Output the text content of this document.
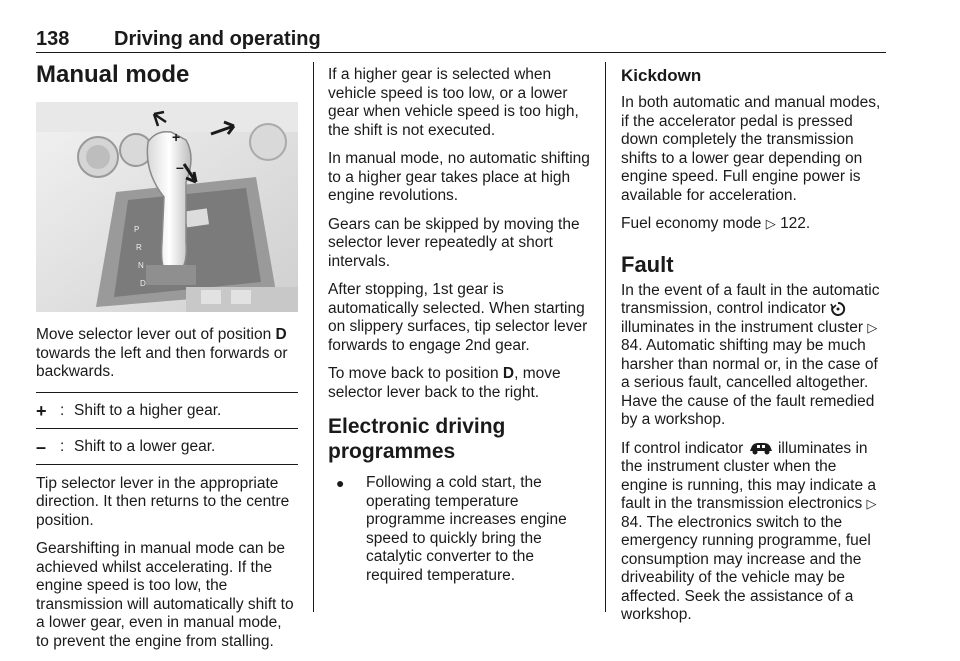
138 Driving and operating
Manual mode
P
R
N
D
+
–

Move selector lever out of position D towards the left and then forwards or backwards.

+ : Shift to a higher gear.
– : Shift to a lower gear.

Tip selector lever in the appropriate direction. It then returns to the centre position.

Gearshifting in manual mode can be achieved whilst accelerating. If the engine speed is too low, the transmission will automatically shift to a lower gear, even in manual mode, to prevent the engine from stalling.

If a higher gear is selected when vehicle speed is too low, or a lower gear when vehicle speed is too high, the shift is not executed.

In manual mode, no automatic shifting to a higher gear takes place at high engine revolutions.

Gears can be skipped by moving the selector lever repeatedly at short intervals.

After stopping, 1st gear is automatically selected. When starting on slippery surfaces, tip selector lever forwards to engage 2nd gear.

To move back to position D, move selector lever back to the right.

Electronic driving programmes
●	Following a cold start, the operating temperature programme increases engine speed to quickly bring the catalytic converter to the required temperature.
Kickdown

In both automatic and manual modes, if the accelerator pedal is pressed down completely the transmission shifts to a lower gear depending on engine speed. Full engine power is available for acceleration.

Fuel economy mode ▷ 122.

Fault

In the event of a fault in the automatic transmission, control indicator  illuminates in the instrument cluster ▷ 84. Automatic shifting may be much harsher than normal or, in the case of a serious fault, cancelled altogether. Have the cause of the fault remedied by a workshop.

If control indicator  illuminates in the instrument cluster when the engine is running, this may indicate a fault in the transmission electronics ▷ 84. The electronics switch to the emergency running programme, fuel consumption may increase and the driveability of the vehicle may be affected. Seek the assistance of a workshop.
